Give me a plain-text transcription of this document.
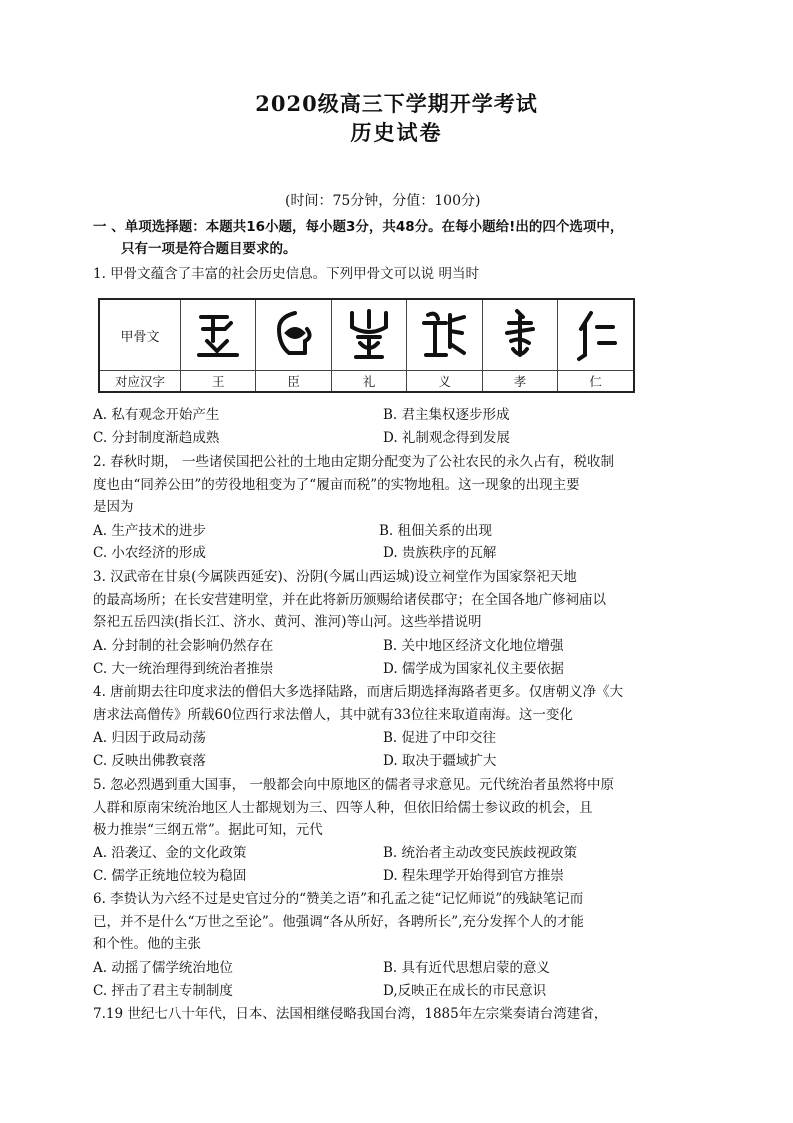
2020级高三下学期开学考试
历史试卷
(时间：75分钟，分值：100分)
一 、单项选择题：本题共16小题，每小题3分，共48分。在每小题给!出的四个选项中，
只有一项是符合题目要求的。
1. 甲骨文蕴含了丰富的社会历史信息。下列甲骨文可以说 明当时
甲骨文	

对应汉字	王	臣	礼	义	孝	仁
A. 私有观念开始产生	B. 君主集权逐步形成
C. 分封制度渐趋成熟	D. 礼制观念得到发展
2. 春秋时期， 一些诸侯国把公社的土地由定期分配变为了公社农民的永久占有，税收制
度也由“同养公田”的劳役地租变为了“履亩而税”的实物地租。这一现象的出现主要
是因为
A. 生产技术的进步	B. 租佃关系的出现
C. 小农经济的形成	D. 贵族秩序的瓦解
3. 汉武帝在甘泉(今属陕西延安)、汾阴(今属山西运城)设立祠堂作为国家祭祀天地
的最高场所；在长安营建明堂，并在此将新历颁赐给诸侯郡守；在全国各地广修祠庙以
祭祀五岳四渎(指长江、济水、黄河、淮河)等山河。这些举措说明
A. 分封制的社会影响仍然存在	B. 关中地区经济文化地位增强
C. 大一统治理得到统治者推崇	D. 儒学成为国家礼仪主要依据
4. 唐前期去往印度求法的僧侣大多选择陆路，而唐后期选择海路者更多。仅唐朝义净《大
唐求法高僧传》所载60位西行求法僧人，其中就有33位往来取道南海。这一变化
A. 归因于政局动荡	B. 促进了中印交往
C. 反映出佛教衰落	D. 取决于疆域扩大
5. 忽必烈遇到重大国事， 一般都会向中原地区的儒者寻求意见。元代统治者虽然将中原
人群和原南宋统治地区人士都规划为三、四等人种，但依旧给儒士参议政的机会，且
极力推崇“三纲五常”。据此可知，元代
A. 沿袭辽、金的文化政策	B. 统治者主动改变民族歧视政策
C. 儒学正统地位较为稳固	D. 程朱理学开始得到官方推崇
6. 李贽认为六经不过是史官过分的“赞美之语”和孔孟之徒“记忆师说”的残缺笔记而
已，并不是什么“万世之至论”。他强调“各从所好，各聘所长”,充分发挥个人的才能
和个性。他的主张
A. 动摇了儒学统治地位	B. 具有近代思想启蒙的意义
C. 抨击了君主专制制度	D,反映正在成长的市民意识
7.19 世纪七八十年代，日本、法国相继侵略我国台湾，1885年左宗棠奏请台湾建省，
